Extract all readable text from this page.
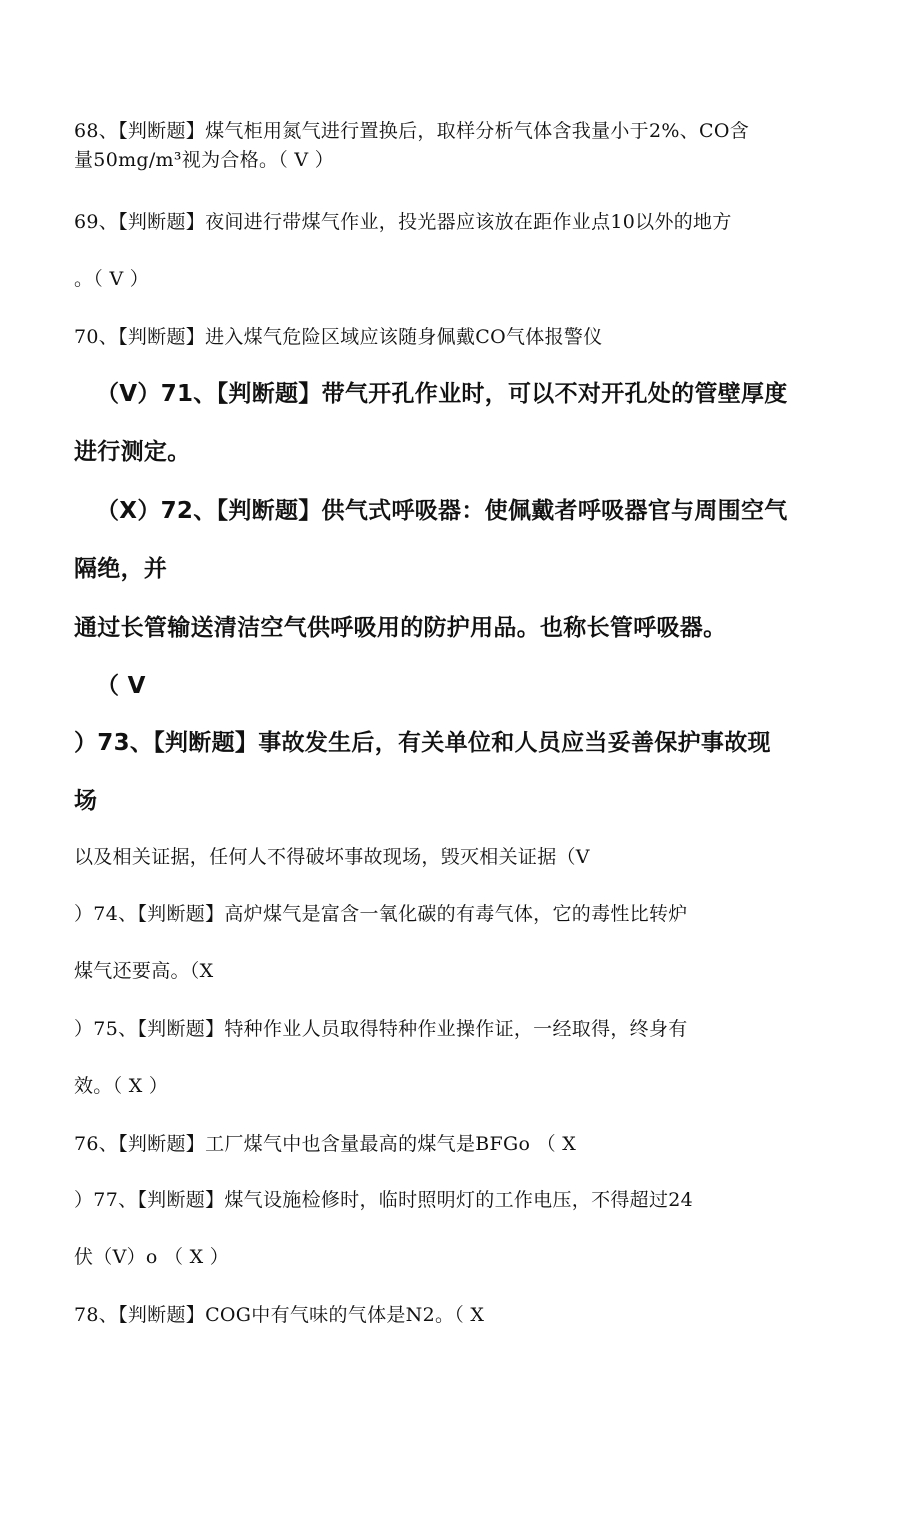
68、【判断题】煤气柜用氮气进行置换后，取样分析气体含我量小于2%、CO含
量50mg/m³视为合格。（ V ）
69、【判断题】夜间进行带煤气作业，投光器应该放在距作业点10以外的地方
。（ V ）
70、【判断题】进入煤气危险区域应该随身佩戴CO气体报警仪
（V）71、【判断题】带气开孔作业时，可以不对开孔处的管壁厚度
进行测定。
（X）72、【判断题】供气式呼吸器：使佩戴者呼吸器官与周围空气
隔绝，并
通过长管输送清洁空气供呼吸用的防护用品。也称长管呼吸器。
（ V
）73、【判断题】事故发生后，有关单位和人员应当妥善保护事故现
场
以及相关证据，任何人不得破坏事故现场，毁灭相关证据（V
）74、【判断题】高炉煤气是富含一氧化碳的有毒气体，它的毒性比转炉
煤气还要高。（X
）75、【判断题】特种作业人员取得特种作业操作证，一经取得，终身有
效。（ X ）
76、【判断题】工厂煤气中也含量最高的煤气是BFGo （ X
）77、【判断题】煤气设施检修时，临时照明灯的工作电压，不得超过24
伏（V）o （ X ）
78、【判断题】COG中有气味的气体是N2。（ X
